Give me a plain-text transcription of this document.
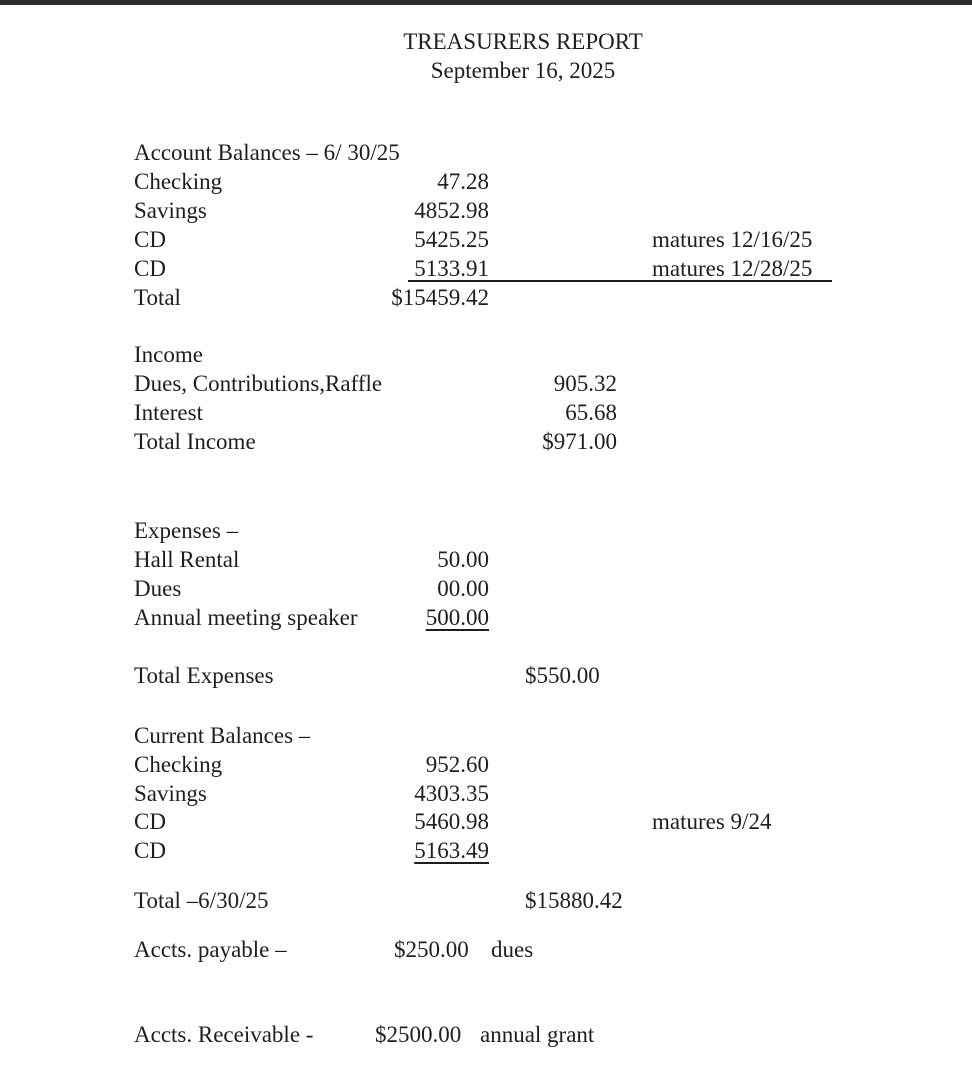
TREASURERS REPORT
September 16, 2025
Account Balances – 6/ 30/25
Checking	47.28
Savings	4852.98
CD	5425.25	matures 12/16/25
CD	5133.91	matures 12/28/25
Total	$15459.42
Income
Dues, Contributions,Raffle	905.32
Interest	65.68
Total Income	$971.00
Expenses –
Hall Rental	50.00
Dues	00.00
Annual meeting speaker	500.00
Total Expenses	$550.00
Current Balances –
Checking	952.60
Savings	4303.35
CD	5460.98	matures 9/24
CD	5163.49
Total –6/30/25	$15880.42
Accts. payable –	$250.00 dues
Accts. Receivable -	$2500.00 annual grant
